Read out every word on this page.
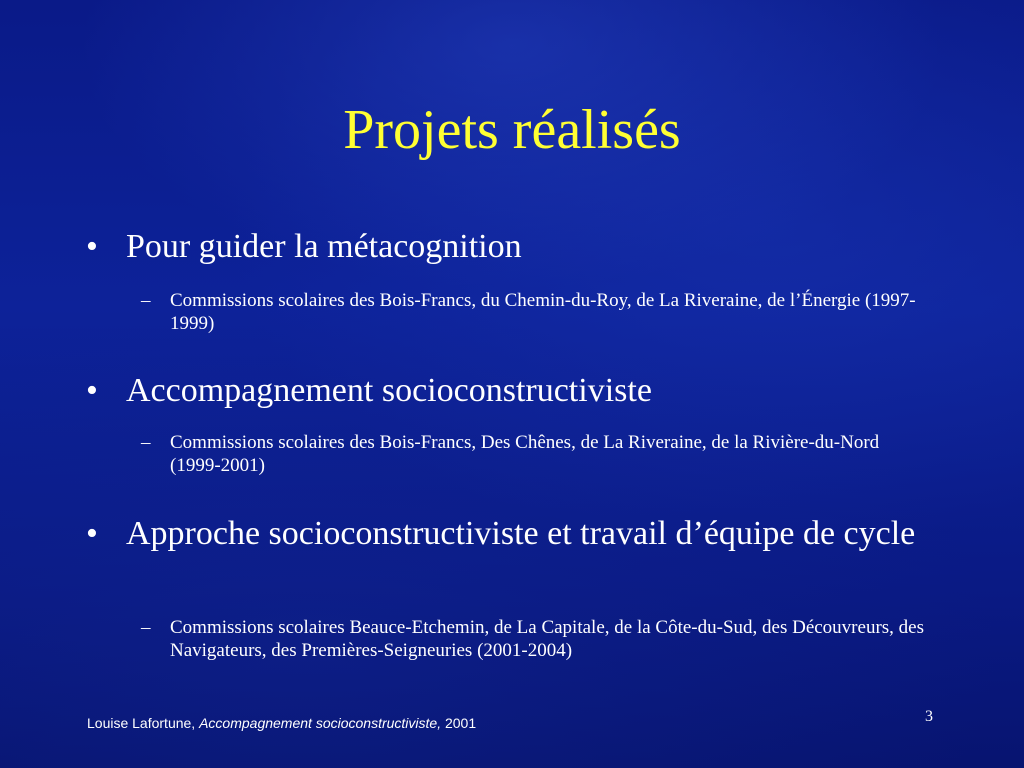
Projets réalisés
• Pour guider la métacognition
– Commissions scolaires des Bois-Francs, du Chemin-du-Roy, de La Riveraine, de l’Énergie (1997-1999)
• Accompagnement socioconstructiviste
– Commissions scolaires des Bois-Francs, Des Chênes, de La Riveraine, de la Rivière-du-Nord (1999-2001)
• Approche socioconstructiviste et travail d’équipe de cycle
– Commissions scolaires Beauce-Etchemin, de La Capitale, de la Côte-du-Sud, des Découvreurs, des Navigateurs, des Premières-Seigneuries (2001-2004)
Louise Lafortune, Accompagnement socioconstructiviste, 2001	3
